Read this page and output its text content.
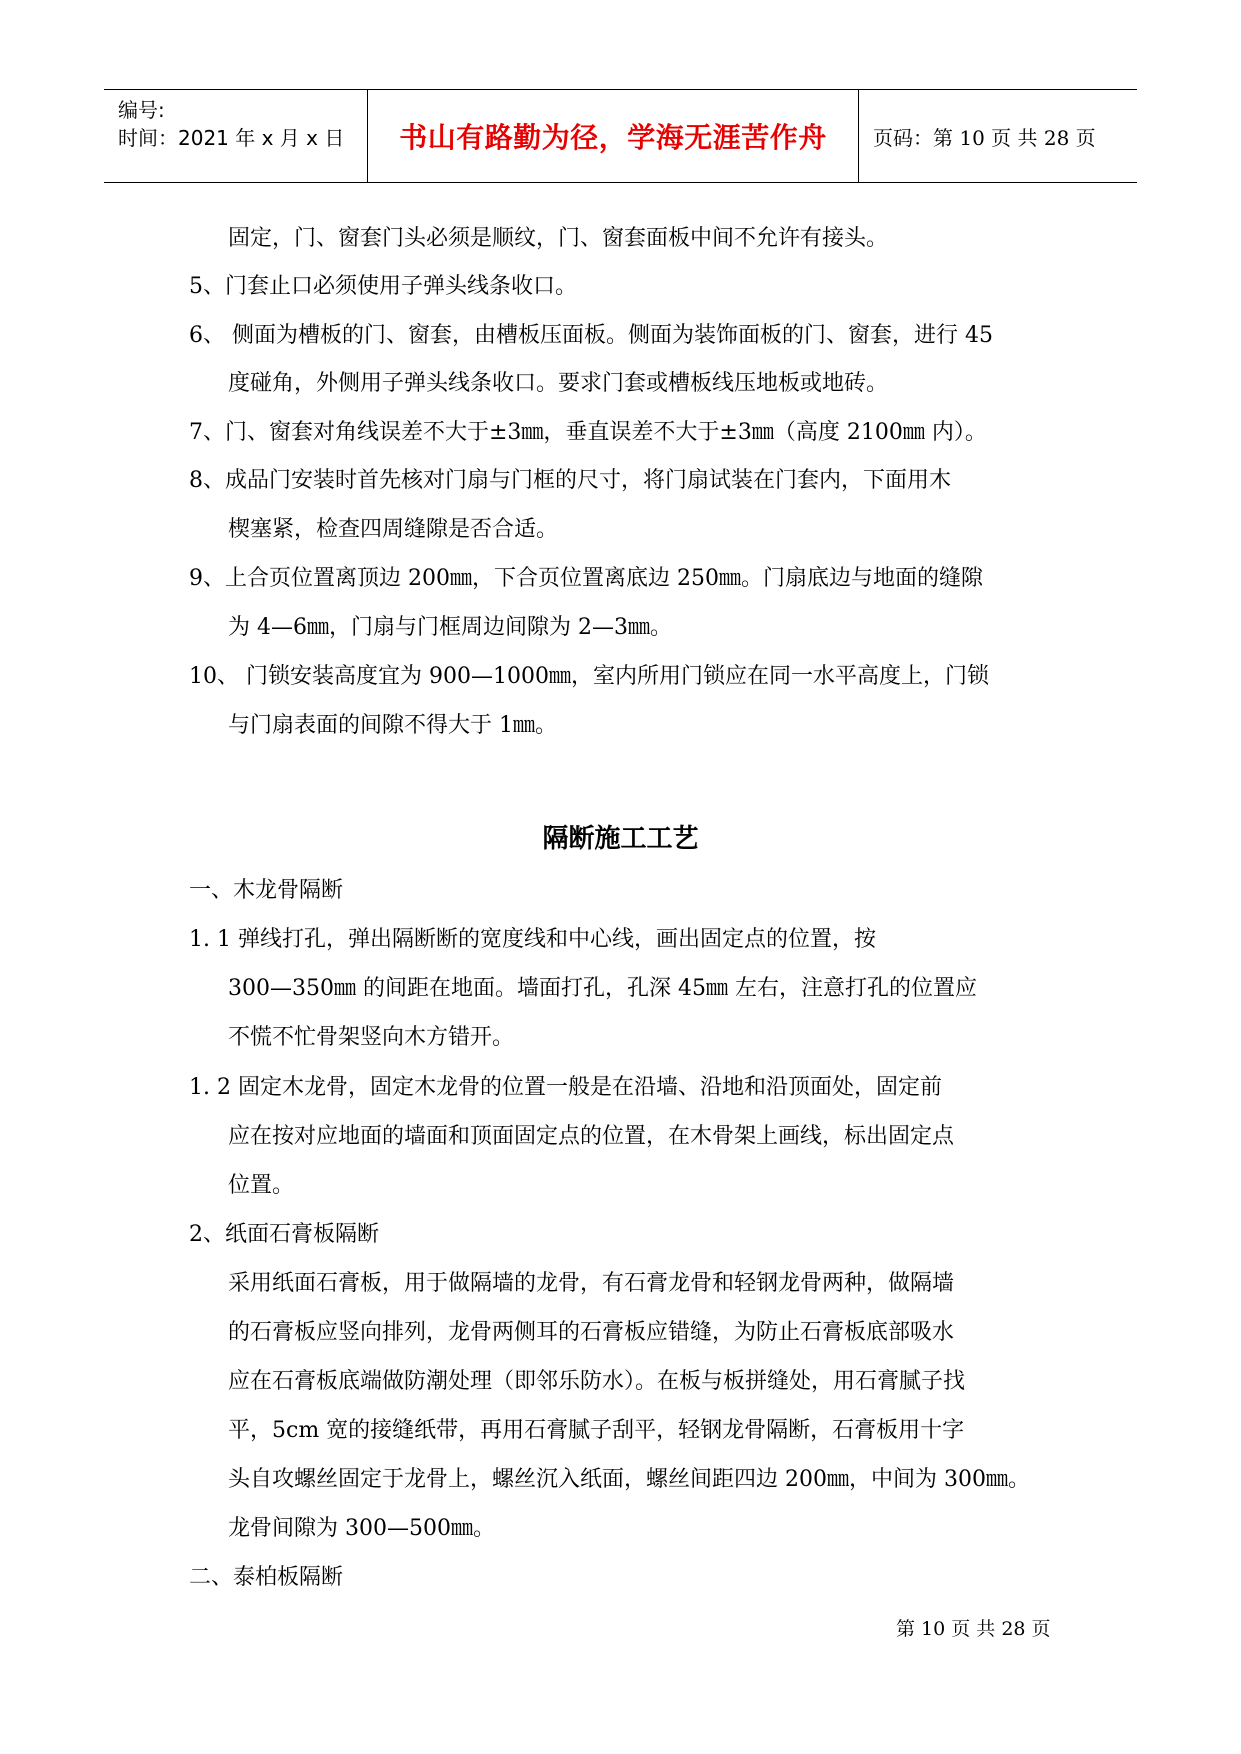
编号:
时间：2021 年 x 月 x 日 书山有路勤为径，学海无涯苦作舟	页码：第 10 页 共 28 页
固定，门、窗套门头必须是顺纹，门、窗套面板中间不允许有接头。
5、门套止口必须使用子弹头线条收口。
6、 侧面为槽板的门、窗套，由槽板压面板。侧面为装饰面板的门、窗套，进行 45
度碰角，外侧用子弹头线条收口。要求门套或槽板线压地板或地砖。
7、门、窗套对角线误差不大于±3㎜，垂直误差不大于±3㎜（高度 2100㎜ 内）。
8、成品门安装时首先核对门扇与门框的尺寸，将门扇试装在门套内，下面用木
楔塞紧，检查四周缝隙是否合适。
9、上合页位置离顶边 200㎜，下合页位置离底边 250㎜。门扇底边与地面的缝隙
为 4—6㎜，门扇与门框周边间隙为 2—3㎜。
10、 门锁安装高度宜为 900—1000㎜，室内所用门锁应在同一水平高度上，门锁
与门扇表面的间隙不得大于 1㎜。
隔断施工工艺
一、木龙骨隔断
1. 1 弹线打孔，弹出隔断断的宽度线和中心线，画出固定点的位置，按
300—350㎜ 的间距在地面。墙面打孔，孔深 45㎜ 左右，注意打孔的位置应
不慌不忙骨架竖向木方错开。
1. 2 固定木龙骨，固定木龙骨的位置一般是在沿墙、沿地和沿顶面处，固定前
应在按对应地面的墙面和顶面固定点的位置，在木骨架上画线，标出固定点
位置。
2、纸面石膏板隔断
采用纸面石膏板，用于做隔墙的龙骨，有石膏龙骨和轻钢龙骨两种，做隔墙
的石膏板应竖向排列，龙骨两侧耳的石膏板应错缝，为防止石膏板底部吸水
应在石膏板底端做防潮处理（即邻乐防水）。在板与板拼缝处，用石膏腻子找
平，5cm 宽的接缝纸带，再用石膏腻子刮平，轻钢龙骨隔断，石膏板用十字
头自攻螺丝固定于龙骨上，螺丝沉入纸面，螺丝间距四边 200㎜，中间为 300㎜。
龙骨间隙为 300—500㎜。
二、泰柏板隔断
第 10 页 共 28 页
